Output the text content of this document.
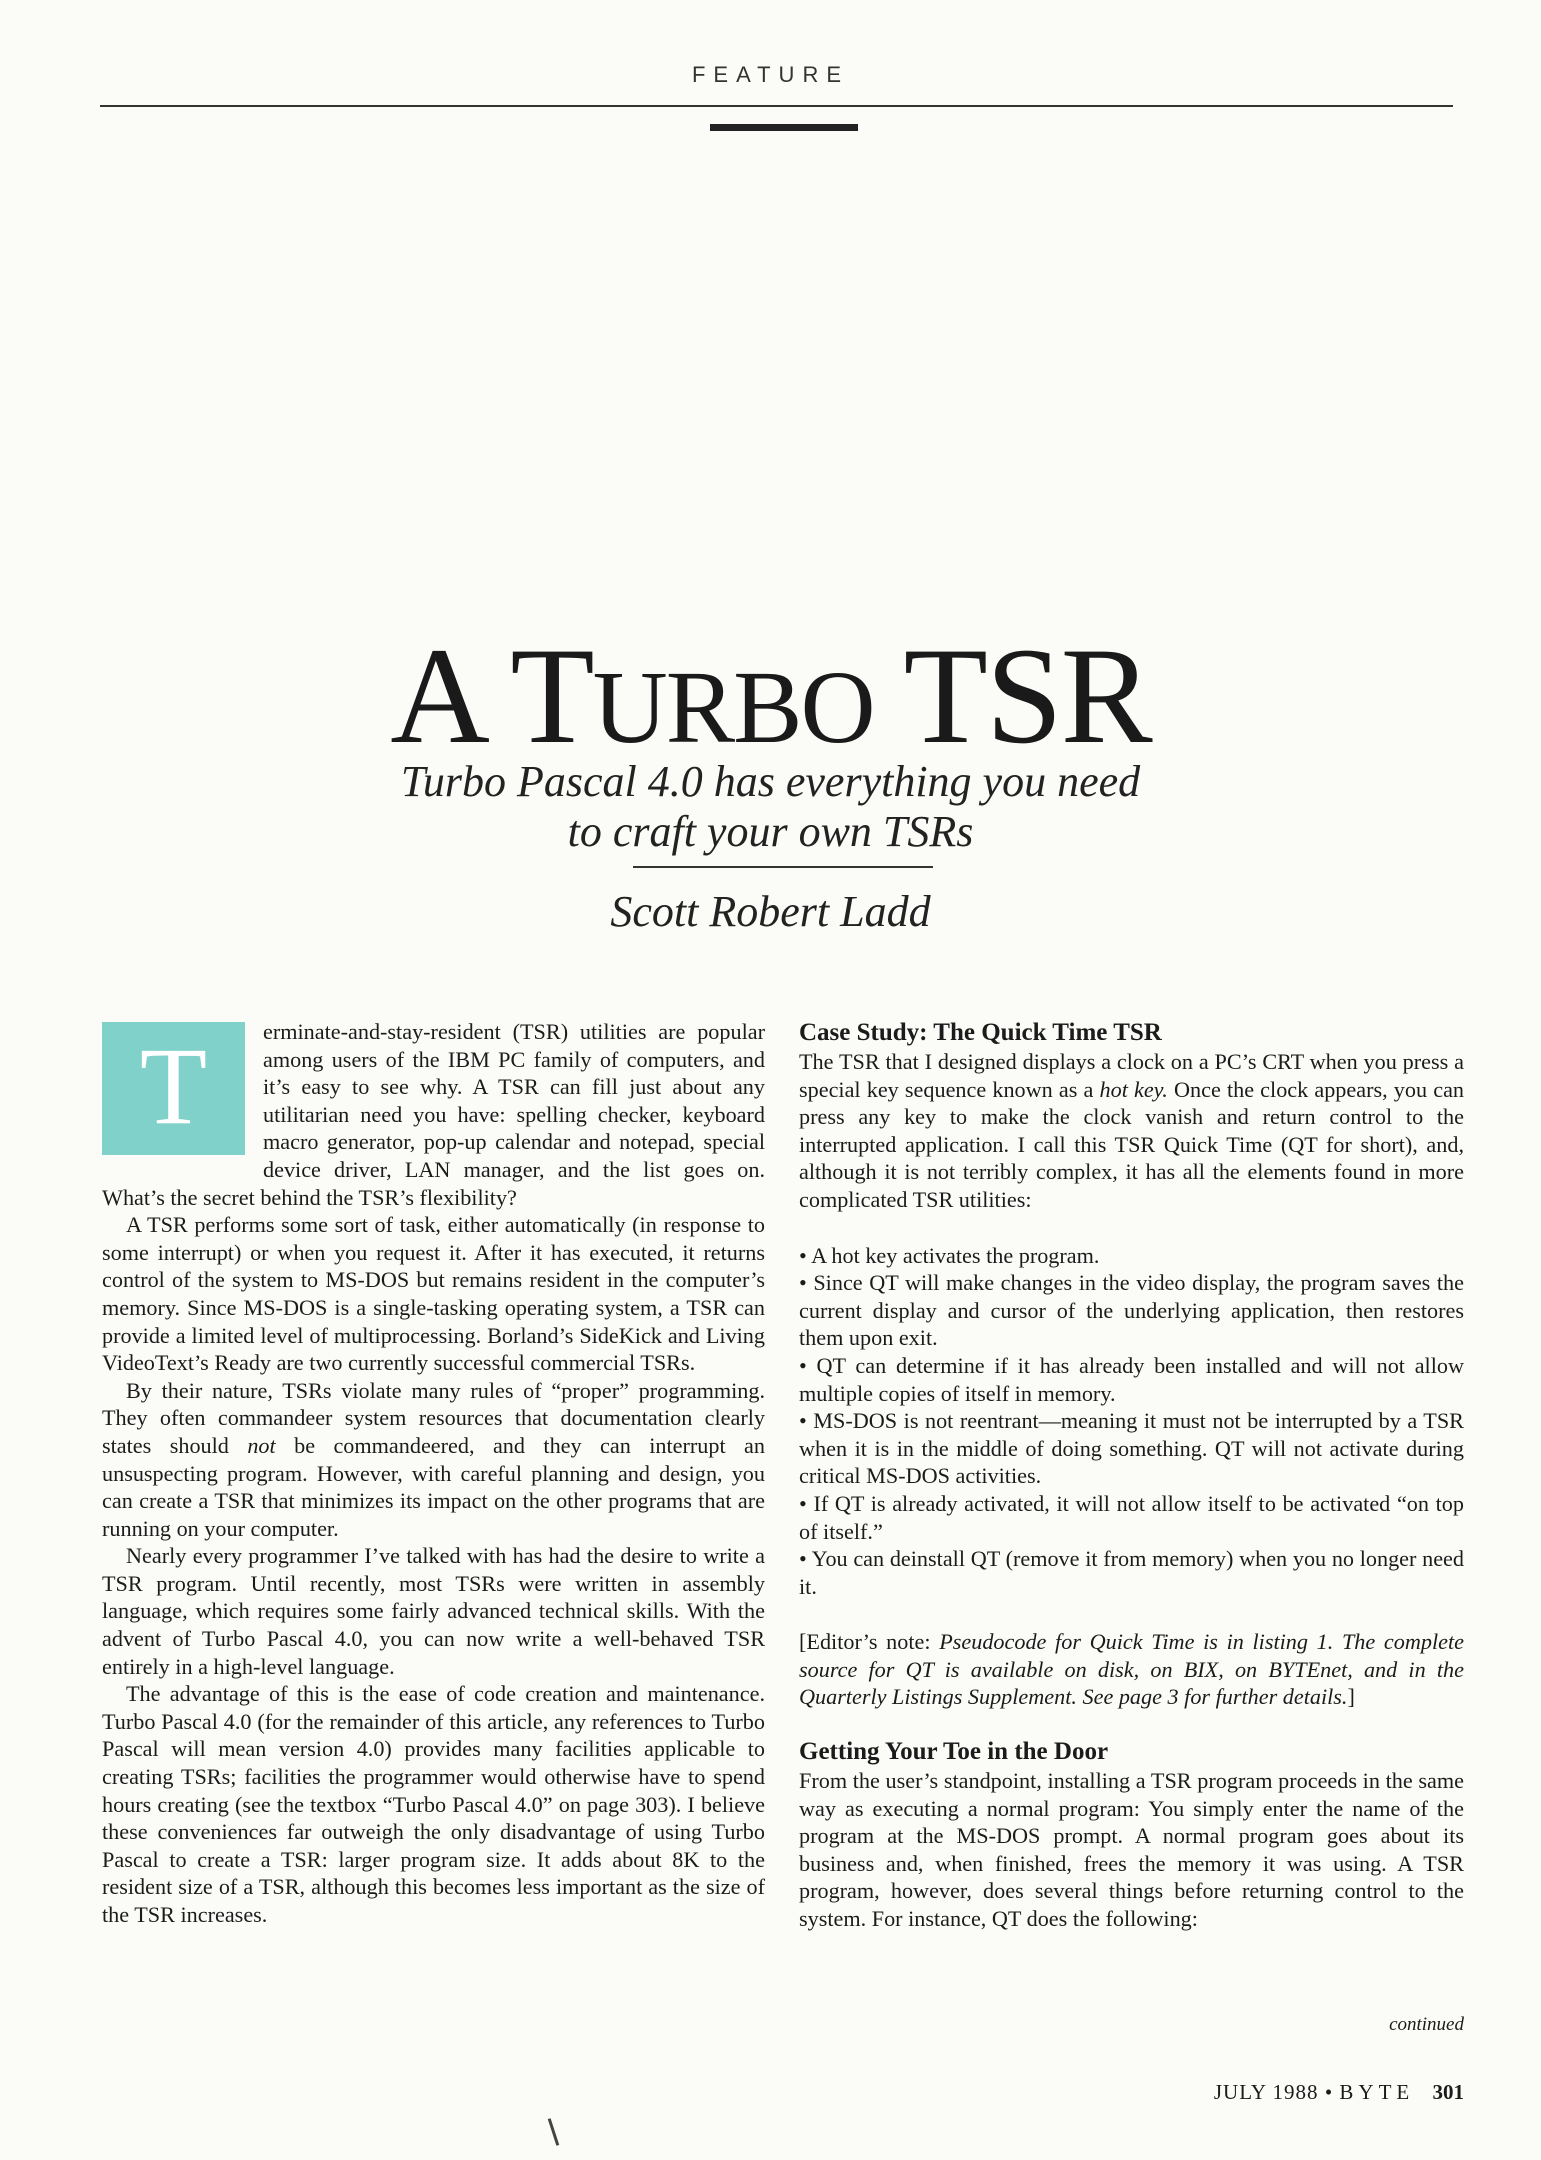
FEATURE
A TURBO TSR
Turbo Pascal 4.0 has everything you need
to craft your own TSRs
Scott Robert Ladd

T	erminate-and-stay-resident (TSR) utilities are popular among users of the IBM PC family of computers, and it’s easy to see why. A TSR can fill just about any utilitarian need you have: spelling checker, keyboard macro generator, pop-up calendar and notepad, special device driver, LAN manager, and the list goes on. What’s the secret behind the TSR’s flexibility?

A TSR performs some sort of task, either automatically (in response to some interrupt) or when you request it. After it has executed, it returns control of the system to MS-DOS but remains resident in the computer’s memory. Since MS-DOS is a single-tasking operating system, a TSR can provide a limited level of multiprocessing. Borland’s SideKick and Living VideoText’s Ready are two currently successful commercial TSRs.

By their nature, TSRs violate many rules of “proper” programming. They often commandeer system resources that documentation clearly states should not be commandeered, and they can interrupt an unsuspecting program. However, with careful planning and design, you can create a TSR that minimizes its impact on the other programs that are running on your computer.

Nearly every programmer I’ve talked with has had the desire to write a TSR program. Until recently, most TSRs were written in assembly language, which requires some fairly advanced technical skills. With the advent of Turbo Pascal 4.0, you can now write a well-behaved TSR entirely in a high-level language.

The advantage of this is the ease of code creation and maintenance. Turbo Pascal 4.0 (for the remainder of this article, any references to Turbo Pascal will mean version 4.0) provides many facilities applicable to creating TSRs; facilities the programmer would otherwise have to spend hours creating (see the textbox “Turbo Pascal 4.0” on page 303). I believe these conveniences far outweigh the only disadvantage of using Turbo Pascal to create a TSR: larger program size. It adds about 8K to the resident size of a TSR, although this becomes less important as the size of the TSR increases.

Case Study: The Quick Time TSR

The TSR that I designed displays a clock on a PC’s CRT when you press a special key sequence known as a hot key. Once the clock appears, you can press any key to make the clock vanish and return control to the interrupted application. I call this TSR Quick Time (QT for short), and, although it is not terribly complex, it has all the elements found in more complicated TSR utilities:

• A hot key activates the program.

• Since QT will make changes in the video display, the program saves the current display and cursor of the underlying application, then restores them upon exit.

• QT can determine if it has already been installed and will not allow multiple copies of itself in memory.

• MS-DOS is not reentrant—meaning it must not be interrupted by a TSR when it is in the middle of doing something. QT will not activate during critical MS-DOS activities.

• If QT is already activated, it will not allow itself to be activated “on top of itself.”

• You can deinstall QT (remove it from memory) when you no longer need it.

[Editor’s note: Pseudocode for Quick Time is in listing 1. The complete source for QT is available on disk, on BIX, on BYTEnet, and in the Quarterly Listings Supplement. See page 3 for further details.]

Getting Your Toe in the Door

From the user’s standpoint, installing a TSR program proceeds in the same way as executing a normal program: You simply enter the name of the program at the MS-DOS prompt. A normal program goes about its business and, when finished, frees the memory it was using. A TSR program, however, does several things before returning control to the system. For instance, QT does the following:

continued
JULY 1988 • BYTE 301
